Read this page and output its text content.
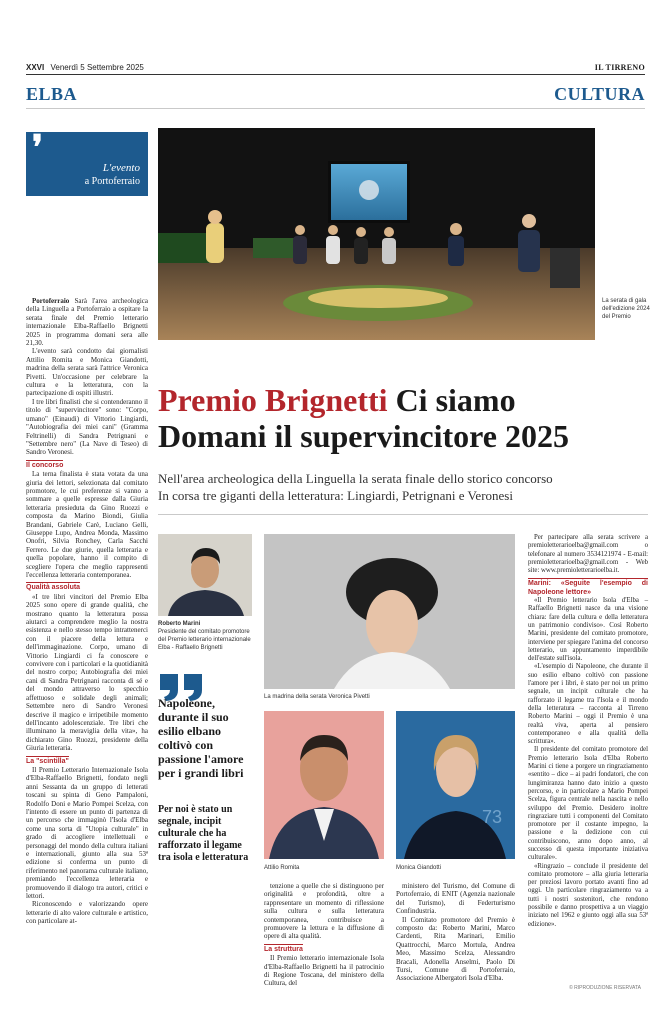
XXVI Venerdì 5 Settembre 2025	IL TIRRENO
ELBA	CULTURA
❜
L'evento
a Portoferraio
La serata di gala dell'edizione 2024 del Premio

Portoferraio Sarà l'area archeologica della Linguella a Portoferraio a ospitare la serata finale del Premio letterario internazionale Elba-Raffaello Brignetti 2025 in programma domani sera alle 21,30.

L'evento sarà condotto dai giornalisti Attilio Romita e Monica Giandotti, madrina della serata sarà l'attrice Veronica Pivetti. Un'occasione per celebrare la cultura e la letteratura, con la partecipazione di ospiti illustri.

I tre libri finalisti che si contenderanno il titolo di "supervincitore" sono: "Corpo, umano" (Einaudi) di Vittorio Lingiardi, "Autobiografia dei miei cani" (Gramma Feltrinelli) di Sandra Petrignani e "Settembre nero" (La Nave di Teseo) di Sandro Veronesi.

Il concorso

La terna finalista è stata votata da una giuria dei lettori, selezionata dal comitato promotore, le cui preferenze si vanno a sommare a quelle espresse dalla Giuria letteraria presieduta da Gino Ruozzi e composta da Marino Biondi, Giulia Brandani, Gabriele Carè, Luciano Gelli, Giuseppe Lupo, Andrea Monda, Massimo Onofri, Silvia Ronchey, Carla Sacchi Ferrero. Le due giurie, quella letteraria e quella popolare, hanno il compito di scegliere l'opera che meglio rappresenti l'eccellenza letteraria contemporanea.

Qualità assoluta

«I tre libri vincitori del Premio Elba 2025 sono opere di grande qualità, che mostrano quanto la letteratura possa aiutarci a comprendere meglio la nostra esistenza e nello stesso tempo intrattenerci con il piacere della lettura e dell'immaginazione. Corpo, umano di Vittorio Lingiardi ci fa conoscere e convivere con i particolari e la quotidianità del nostro corpo; Autobiografia dei miei cani di Sandra Petrignani racconta di sé e del mondo attraverso lo specchio affettuoso e solidale degli animali; Settembre nero di Sandro Veronesi descrive il magico e irripetibile momento dell'incanto adolescenziale. Tre libri che illuminano la meraviglia della vita», ha dichiarato Gino Ruozzi, presidente della Giuria letteraria.

La "scintilla"

Il Premio Letterario Internazionale Isola d'Elba-Raffaello Brignetti, fondato negli anni Sessanta da un gruppo di letterati toscani su spinta di Geno Pampaloni, Rodolfo Doni e Mario Pompei Scelza, con l'intento di essere un punto di partenza di un percorso che immaginò l'Isola d'Elba come una sorta di "Utopia culturale" in grado di accogliere intellettuali e personaggi del mondo della cultura italiani e internazionali, giunto alla sua 53ª edizione si conferma un punto di riferimento nel panorama culturale italiano, premiando l'eccellenza letteraria e promuovendo il dialogo tra autori, critici e lettori.

Riconoscendo e valorizzando opere letterarie di alto valore culturale e artistico, con particolare at-

Premio Brignetti Ci siamo
Domani il supervincitore 2025
Nell'area archeologica della Linguella la serata finale dello storico concorso
In corsa tre giganti della letteratura: Lingiardi, Petrignani e Veronesi
Roberto Marini
Presidente del comitato promotore del Premio letterario internazionale Elba - Raffaello Brignetti
Napoleone, durante il suo esilio elbano coltivò con passione l'amore per i grandi libri
Per noi è stato un segnale, incipit culturale che ha rafforzato il legame tra isola e letteratura
La madrina della serata Veronica Pivetti
Attilio Romita
73
Monica Giandotti

tenzione a quelle che si distinguono per originalità e profondità, oltre a rappresentare un momento di riflessione sulla cultura e sulla letteratura contemporanea, contribuisce a promuovere la lettura e la diffusione di opere di alta qualità.

La struttura

Il Premio letterario internazionale Isola d'Elba-Raffaello Brignetti ha il patrocinio di Regione Toscana, del ministero della Cultura, del

ministero del Turismo, del Comune di Portoferraio, di ENIT (Agenzia nazionale del Turismo), di Federturismo Confindustria.

Il Comitato promotore del Premio è composto da: Roberto Marini, Marco Cardenti, Rita Marinari, Emilio Quattrocchi, Marco Mortula, Andrea Meo, Massimo Scelza, Alessandro Bracali, Adonella Anselmi, Paolo Di Tursi, Comune di Portoferraio, Associazione Albergatori Isola d'Elba.

Per partecipare alla serata scrivere a premioletterarioelba@gmail.com o telefonare al numero 3534121974 - E-mail: premioletterarioelba@gmail.com - Web site: www.premioletterarioelba.it.

Marini: «Seguite l'esempio di Napoleone lettore»

«Il Premio letterario Isola d'Elba – Raffaello Brignetti nasce da una visione chiara: fare della cultura e della letteratura un patrimonio condiviso». Così Roberto Marini, presidente del comitato promotore, interviene per spiegare l'anima del concorso letterario, un appuntamento imperdibile dell'estate sull'isola.

«L'esempio di Napoleone, che durante il suo esilio elbano coltivò con passione l'amore per i libri, è stato per noi un primo segnale, un incipit culturale che ha rafforzato il legame tra l'Isola e il mondo della letteratura – racconta al Tirreno Roberto Marini – oggi il Premio è una realtà viva, aperta al pensiero contemporaneo e alla qualità della scrittura».

Il presidente del comitato promotore del Premio letterario Isola d'Elba Roberto Marini ci tiene a porgere un ringraziamento «sentito – dice – ai padri fondatori, che con lungimiranza hanno dato inizio a questo percorso, e in particolare a Mario Pompei Scelza, figura centrale nella nascita e nello sviluppo del Premio. Desidero inoltre ringraziare tutti i componenti del Comitato promotore per il costante impegno, la passione e la dedizione con cui contribuiscono, anno dopo anno, al successo di questa importante iniziativa culturale».

«Ringrazio – conclude il presidente del comitato promotore – alla giuria letteraria per preziosi lavoro portato avanti fino ad oggi. Un particolare ringraziamento va a tutti i nostri sostenitori, che rendono possibile e danno prospettiva a un viaggio iniziato nel 1962 e giunto oggi alla sua 53ª edizione».

© RIPRODUZIONE RISERVATA
